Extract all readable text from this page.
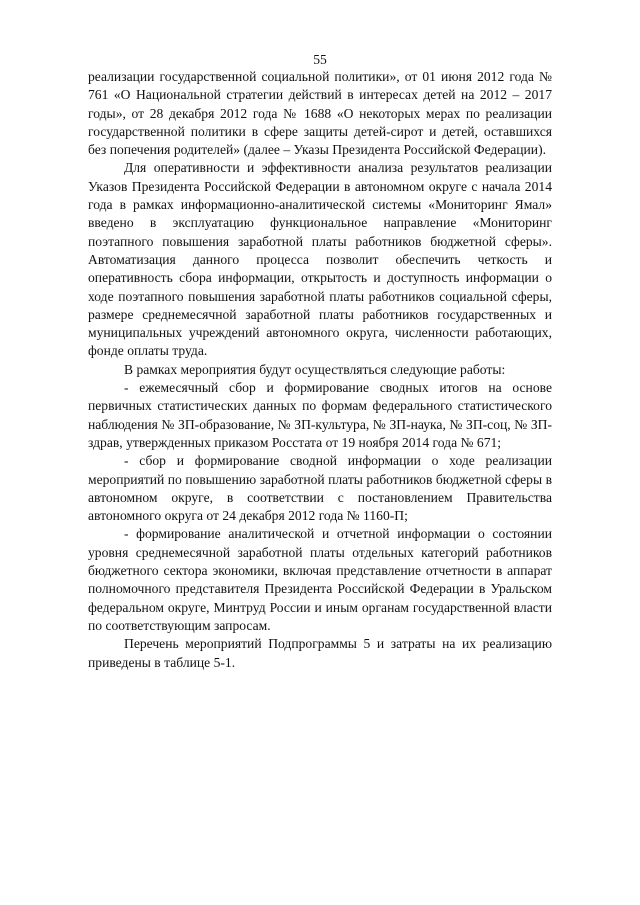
55

реализации государственной социальной политики», от 01 июня 2012 года № 761 «О Национальной стратегии действий в интересах детей на 2012 – 2017 годы», от 28 декабря 2012 года № 1688 «О некоторых мерах по реализации государственной политики в сфере защиты детей-сирот и детей, оставшихся без попечения родителей» (далее – Указы Президента Российской Федерации).

Для оперативности и эффективности анализа результатов реализации Указов Президента Российской Федерации в автономном округе с начала 2014 года в рамках информационно-аналитической системы «Мониторинг Ямал» введено в эксплуатацию функциональное направление «Мониторинг поэтапного повышения заработной платы работников бюджетной сферы». Автоматизация данного процесса позволит обеспечить четкость и оперативность сбора информации, открытость и доступность информации о ходе поэтапного повышения заработной платы работников социальной сферы, размере среднемесячной заработной платы работников государственных и муниципальных учреждений автономного округа, численности работающих, фонде оплаты труда.

В рамках мероприятия будут осуществляться следующие работы:

- ежемесячный сбор и формирование сводных итогов на основе первичных статистических данных по формам федерального статистического наблюдения № ЗП-образование, № ЗП-культура, № ЗП-наука, № ЗП-соц, № ЗП-здрав, утвержденных приказом Росстата от 19 ноября 2014 года № 671;

- сбор и формирование сводной информации о ходе реализации мероприятий по повышению заработной платы работников бюджетной сферы в автономном округе, в соответствии с постановлением Правительства автономного округа от 24 декабря 2012 года № 1160-П;

- формирование аналитической и отчетной информации о состоянии уровня среднемесячной заработной платы отдельных категорий работников бюджетного сектора экономики, включая представление отчетности в аппарат полномочного представителя Президента Российской Федерации в Уральском федеральном округе, Минтруд России и иным органам государственной власти по соответствующим запросам.

Перечень мероприятий Подпрограммы 5 и затраты на их реализацию приведены в таблице 5-1.
